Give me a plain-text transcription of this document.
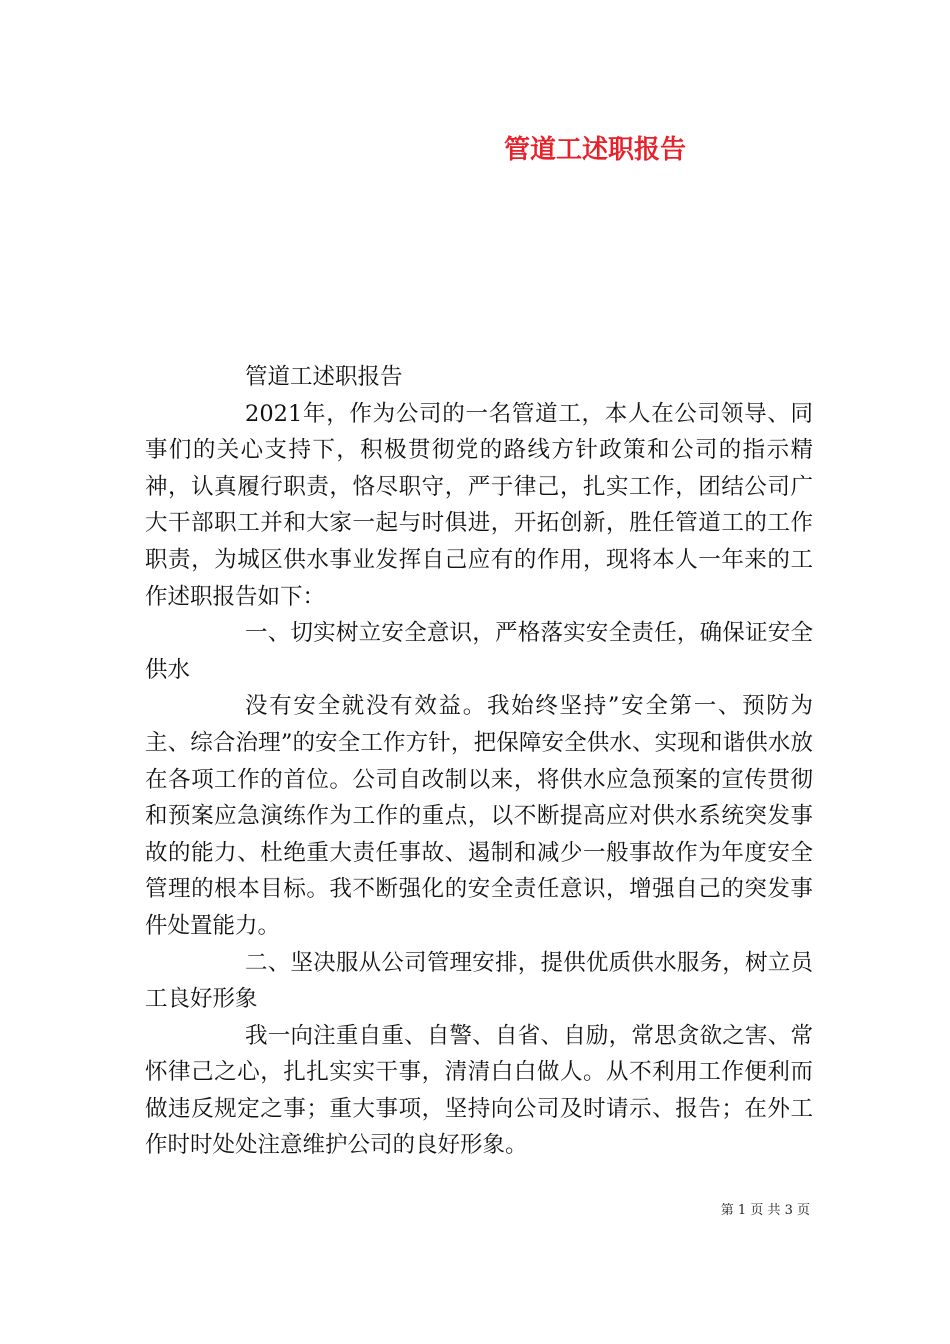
管道工述职报告

管道工述职报告

2021年，作为公司的一名管道工，本人在公司领导、同事们的关心支持下，积极贯彻党的路线方针政策和公司的指示精神，认真履行职责，恪尽职守，严于律己，扎实工作，团结公司广大干部职工并和大家一起与时俱进，开拓创新，胜任管道工的工作职责，为城区供水事业发挥自己应有的作用，现将本人一年来的工作述职报告如下：

一、切实树立安全意识，严格落实安全责任，确保证安全供水

没有安全就没有效益。我始终坚持”安全第一、预防为主、综合治理”的安全工作方针，把保障安全供水、实现和谐供水放在各项工作的首位。公司自改制以来，将供水应急预案的宣传贯彻和预案应急演练作为工作的重点，以不断提高应对供水系统突发事故的能力、杜绝重大责任事故、遏制和减少一般事故作为年度安全管理的根本目标。我不断强化的安全责任意识，增强自己的突发事件处置能力。

二、坚决服从公司管理安排，提供优质供水服务，树立员工良好形象

我一向注重自重、自警、自省、自励，常思贪欲之害、常怀律己之心，扎扎实实干事，清清白白做人。从不利用工作便利而做违反规定之事；重大事项，坚持向公司及时请示、报告；在外工作时时处处注意维护公司的良好形象。

第 1 页 共 3 页
